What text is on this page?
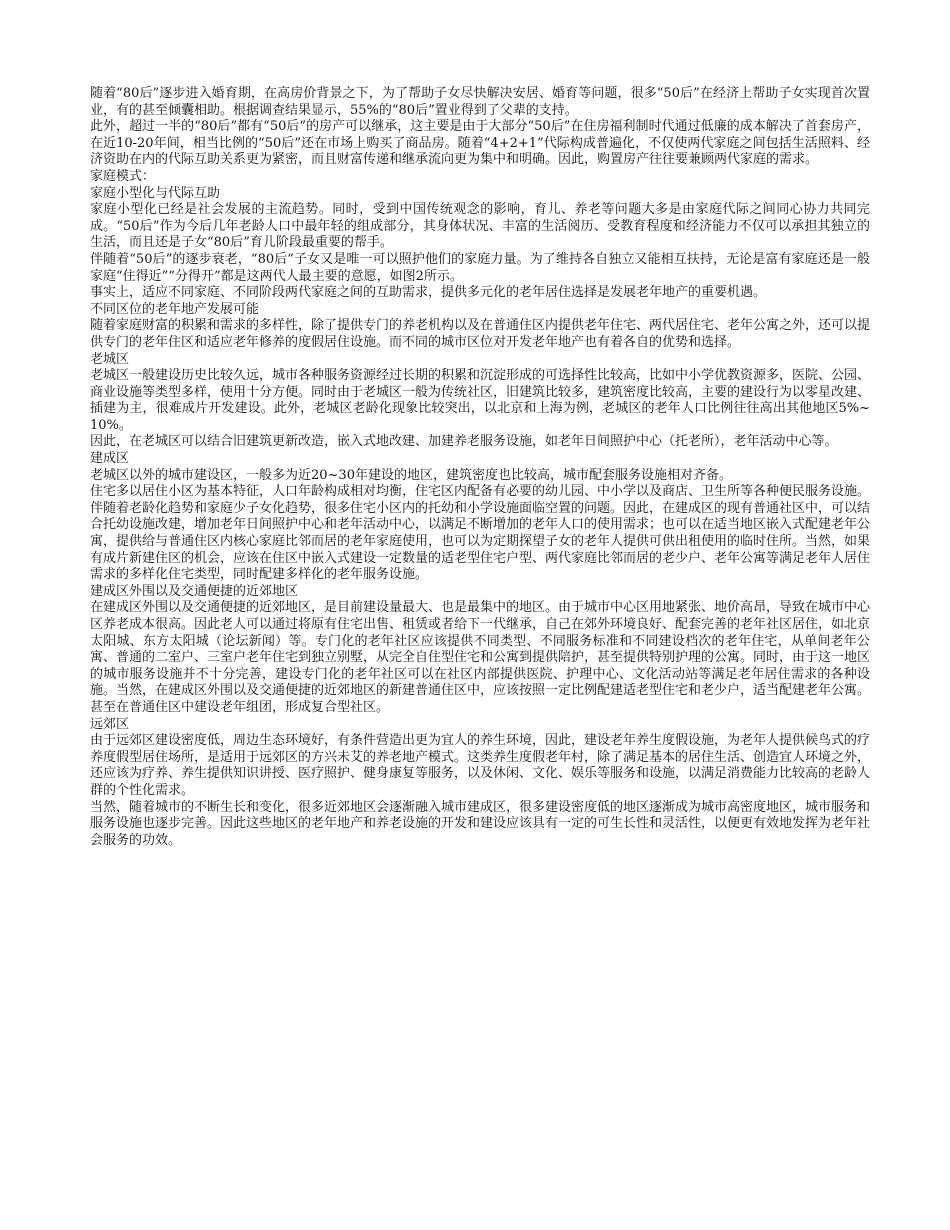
随着“80后”逐步进入婚育期，在高房价背景之下，为了帮助子女尽快解决安居、婚育等问题，很多“50后”在经济上帮助子女实现首次置业，有的甚至倾囊相助。根据调查结果显示，55%的“80后”置业得到了父辈的支持。

此外，超过一半的“80后”都有“50后”的房产可以继承，这主要是由于大部分“50后”在住房福利制时代通过低廉的成本解决了首套房产，在近10-20年间，相当比例的“50后”还在市场上购买了商品房。随着“4+2+1”代际构成普遍化，不仅使两代家庭之间包括生活照料、经济资助在内的代际互助关系更为紧密，而且财富传递和继承流向更为集中和明确。因此，购置房产往往要兼顾两代家庭的需求。

家庭模式：

家庭小型化与代际互助

家庭小型化已经是社会发展的主流趋势。同时，受到中国传统观念的影响，育儿、养老等问题大多是由家庭代际之间同心协力共同完成。“50后”作为今后几年老龄人口中最年轻的组成部分，其身体状况、丰富的生活阅历、受教育程度和经济能力不仅可以承担其独立的生活，而且还是子女“80后”育儿阶段最重要的帮手。

伴随着“50后”的逐步衰老，“80后”子女又是唯一可以照护他们的家庭力量。为了维持各自独立又能相互扶持，无论是富有家庭还是一般家庭“住得近”“分得开”都是这两代人最主要的意愿，如图2所示。

事实上，适应不同家庭、不同阶段两代家庭之间的互助需求，提供多元化的老年居住选择是发展老年地产的重要机遇。

不同区位的老年地产发展可能

随着家庭财富的积累和需求的多样性，除了提供专门的养老机构以及在普通住区内提供老年住宅、两代居住宅、老年公寓之外，还可以提供专门的老年住区和适应老年修养的度假居住设施。而不同的城市区位对开发老年地产也有着各自的优势和选择。

老城区

老城区一般建设历史比较久远，城市各种服务资源经过长期的积累和沉淀形成的可选择性比较高，比如中小学优教资源多，医院、公园、商业设施等类型多样，使用十分方便。同时由于老城区一般为传统社区，旧建筑比较多，建筑密度比较高，主要的建设行为以零星改建、插建为主，很难成片开发建设。此外，老城区老龄化现象比较突出，以北京和上海为例，老城区的老年人口比例往往高出其他地区5%~10%。

因此，在老城区可以结合旧建筑更新改造，嵌入式地改建、加建养老服务设施，如老年日间照护中心（托老所），老年活动中心等。

建成区

老城区以外的城市建设区，一般多为近20~30年建设的地区，建筑密度也比较高，城市配套服务设施相对齐备。

住宅多以居住小区为基本特征，人口年龄构成相对均衡，住宅区内配备有必要的幼儿园、中小学以及商店、卫生所等各种便民服务设施。伴随着老龄化趋势和家庭少子女化趋势，很多住宅小区内的托幼和小学设施面临空置的问题。因此，在建成区的现有普通社区中，可以结合托幼设施改建，增加老年日间照护中心和老年活动中心，以满足不断增加的老年人口的使用需求；也可以在适当地区嵌入式配建老年公寓，提供给与普通住区内核心家庭比邻而居的老年家庭使用，也可以为定期探望子女的老年人提供可供出租使用的临时住所。当然，如果有成片新建住区的机会，应该在住区中嵌入式建设一定数量的适老型住宅户型、两代家庭比邻而居的老少户、老年公寓等满足老年人居住需求的多样化住宅类型，同时配建多样化的老年服务设施。

建成区外围以及交通便捷的近郊地区

在建成区外围以及交通便捷的近郊地区，是目前建设量最大、也是最集中的地区。由于城市中心区用地紧张、地价高昂，导致在城市中心区养老成本很高。因此老人可以通过将原有住宅出售、租赁或者给下一代继承，自己在郊外环境良好、配套完善的老年社区居住，如北京太阳城、东方太阳城（论坛新闻）等。专门化的老年社区应该提供不同类型、不同服务标准和不同建设档次的老年住宅，从单间老年公寓、普通的二室户、三室户老年住宅到独立别墅，从完全自住型住宅和公寓到提供陪护，甚至提供特别护理的公寓。同时，由于这一地区的城市服务设施并不十分完善，建设专门化的老年社区可以在社区内部提供医院、护理中心、文化活动站等满足老年居住需求的各种设施。当然，在建成区外围以及交通便捷的近郊地区的新建普通住区中，应该按照一定比例配建适老型住宅和老少户，适当配建老年公寓。甚至在普通住区中建设老年组团，形成复合型社区。

远郊区

由于远郊区建设密度低，周边生态环境好，有条件营造出更为宜人的养生环境，因此，建设老年养生度假设施，为老年人提供候鸟式的疗养度假型居住场所，是适用于远郊区的方兴未艾的养老地产模式。这类养生度假老年村，除了满足基本的居住生活、创造宜人环境之外，还应该为疗养、养生提供知识讲授、医疗照护、健身康复等服务，以及休闲、文化、娱乐等服务和设施，以满足消费能力比较高的老龄人群的个性化需求。

当然，随着城市的不断生长和变化，很多近郊地区会逐渐融入城市建成区，很多建设密度低的地区逐渐成为城市高密度地区，城市服务和服务设施也逐步完善。因此这些地区的老年地产和养老设施的开发和建设应该具有一定的可生长性和灵活性，以便更有效地发挥为老年社会服务的功效。
